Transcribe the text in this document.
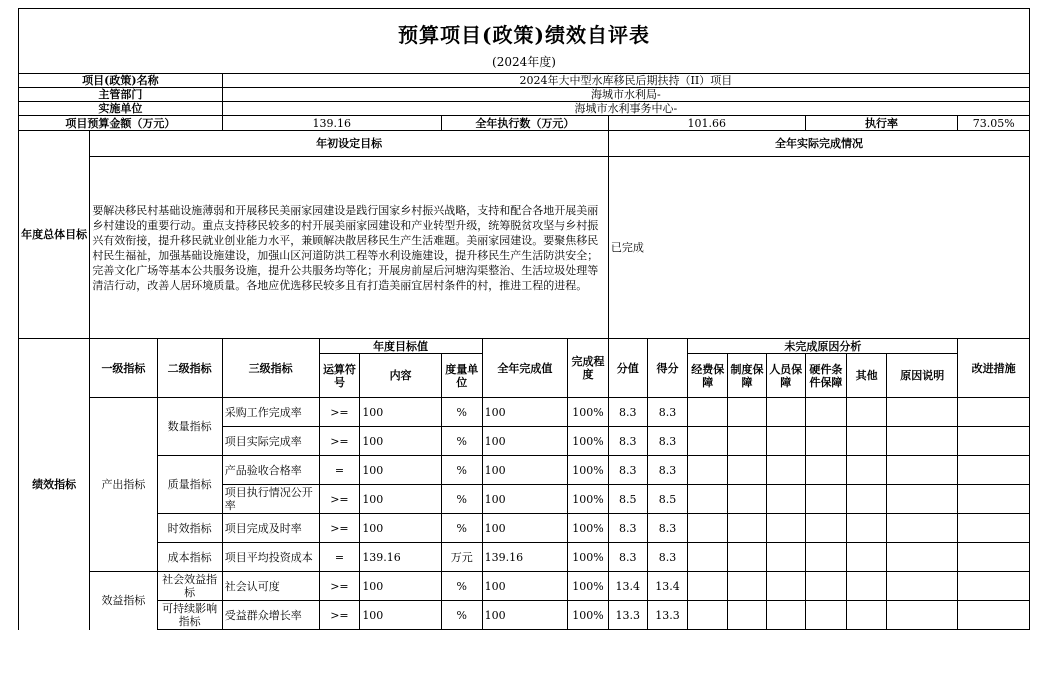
预算项目(政策)绩效自评表
(2024年度)
项目(政策)名称			2024年大中型水库移民后期扶持（II）项目														
主管部门			海城市水利局-														
实施单位			海城市水利事务中心-														
项目预算金额（万元）			139.16			全年执行数（万元）			101.66					执行率			73.05%
年度总体目标	年初设定目标								全年实际完成情况								
	要解决移民村基础设施薄弱和开展移民美丽家园建设是践行国家乡村振兴战略，支持和配合各地开展美丽乡村建设的重要行动。重点支持移民较多的村开展美丽家园建设和产业转型升级，统筹脱贫攻坚与乡村振兴有效衔接，提升移民就业创业能力水平，兼顾解决散居移民生产生活难题。美丽家园建设。要聚焦移民村民生福祉，加强基础设施建设，加强山区河道防洪工程等水利设施建设，提升移民生产生活防洪安全；完善文化广场等基本公共服务设施，提升公共服务均等化；开展房前屋后河塘沟渠整治、生活垃圾处理等清洁行动，改善人居环境质量。各地应优选移民较多且有打造美丽宜居村条件的村，推进工程的进程。								已完成								
绩效指标	一级指标	二级指标	三级指标	年度目标值			全年完成值	完成程度	分值	得分	未完成原因分析						改进措施
				运算符号	内容	度量单位					经费保障	制度保障	人员保障	硬件条件保障	其他	原因说明	

	产出指标	数量指标	采购工作完成率	>=	100	%	100	100%	8.3	8.3							
			项目实际完成率	>=	100	%	100	100%	8.3	8.3							
		质量指标	产品验收合格率	=	100	%	100	100%	8.3	8.3							
			项目执行情况公开率	>=	100	%	100	100%	8.5	8.5							
		时效指标	项目完成及时率	>=	100	%	100	100%	8.3	8.3							
		成本指标	项目平均投资成本	=	139.16	万元	139.16	100%	8.3	8.3							
	效益指标	社会效益指标	社会认可度	>=	100	%	100	100%	13.4	13.4							
		可持续影响指标	受益群众增长率	>=	100	%	100	100%	13.3	13.3							
